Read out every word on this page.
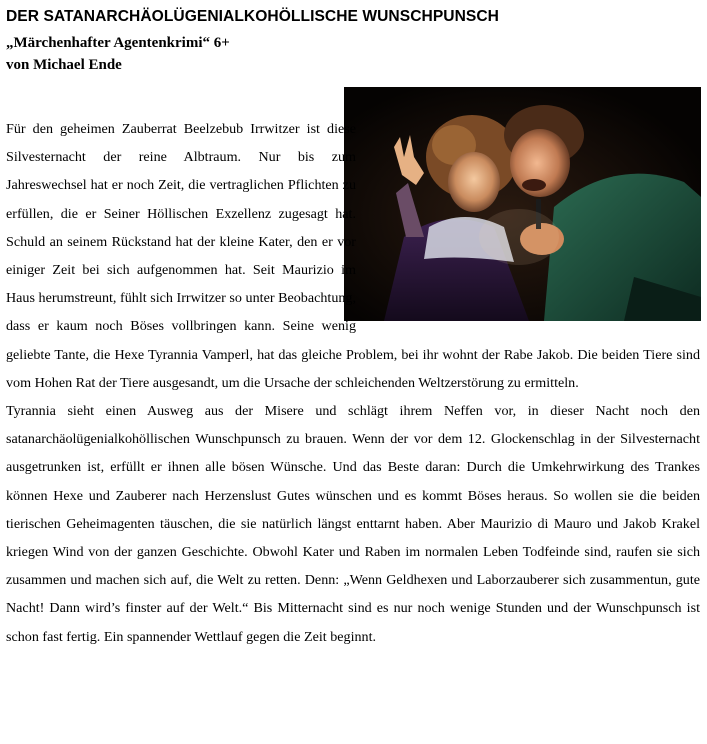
DER SATANARCHÄOLÜGENIALKOHÖLLISCHE WUNSCHPUNSCH

„Märchenhafter Agentenkrimi“ 6+

von Michael Ende

Für den geheimen Zauberrat Beelzebub Irrwitzer ist diese Silvesternacht der reine Albtraum. Nur bis zum Jahreswechsel hat er noch Zeit, die vertraglichen Pflichten zu erfüllen, die er Seiner Höllischen Exzellenz zugesagt hat. Schuld an seinem Rückstand hat der kleine Kater, den er vor einiger Zeit bei sich aufgenommen hat. Seit Maurizio im Haus herumstreunt, fühlt sich Irrwitzer so unter Beobachtung, dass er kaum noch Böses vollbringen kann. Seine wenig geliebte Tante, die Hexe Tyrannia Vamperl, hat das gleiche Problem, bei ihr wohnt der Rabe Jakob. Die beiden Tiere sind vom Hohen Rat der Tiere ausgesandt, um die Ursache der schleichenden Weltzerstörung zu ermitteln.

Tyrannia sieht einen Ausweg aus der Misere und schlägt ihrem Neffen vor, in dieser Nacht noch den satanarchäolügenialkohöllischen Wunschpunsch zu brauen. Wenn der vor dem 12. Glockenschlag in der Silvesternacht ausgetrunken ist, erfüllt er ihnen alle bösen Wünsche. Und das Beste daran: Durch die Umkehrwirkung des Trankes können Hexe und Zauberer nach Herzenslust Gutes wünschen und es kommt Böses heraus. So wollen sie die beiden tierischen Geheimagenten täuschen, die sie natürlich längst enttarnt haben. Aber Maurizio di Mauro und Jakob Krakel kriegen Wind von der ganzen Geschichte. Obwohl Kater und Raben im normalen Leben Todfeinde sind, raufen sie sich zusammen und machen sich auf, die Welt zu retten. Denn: „Wenn Geldhexen und Laborzauberer sich zusammentun, gute Nacht! Dann wird’s finster auf der Welt.“ Bis Mitternacht sind es nur noch wenige Stunden und der Wunschpunsch ist schon fast fertig. Ein spannender Wettlauf gegen die Zeit beginnt.
